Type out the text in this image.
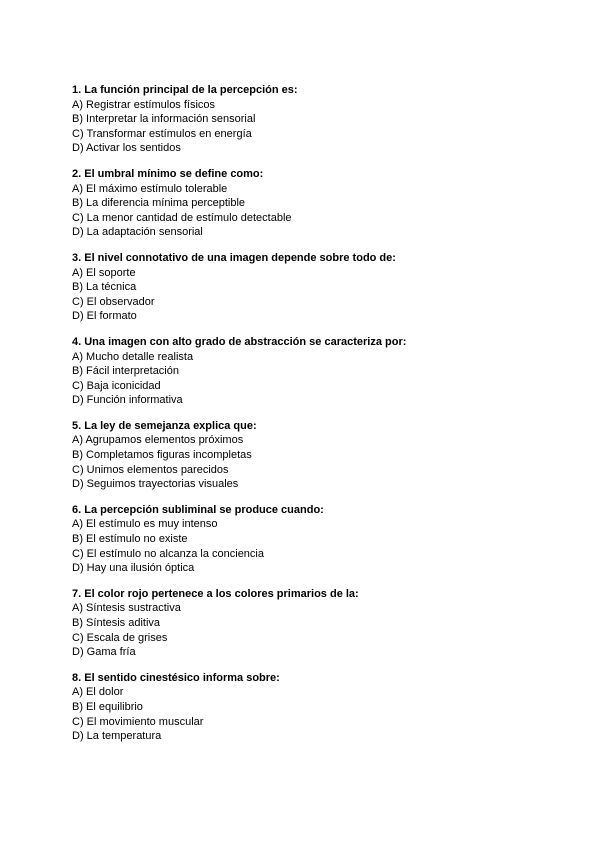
1. La función principal de la percepción es:
A) Registrar estímulos físicos
B) Interpretar la información sensorial
C) Transformar estímulos en energía
D) Activar los sentidos
2. El umbral mínimo se define como:
A) El máximo estímulo tolerable
B) La diferencia mínima perceptible
C) La menor cantidad de estímulo detectable
D) La adaptación sensorial
3. El nivel connotativo de una imagen depende sobre todo de:
A) El soporte
B) La técnica
C) El observador
D) El formato
4. Una imagen con alto grado de abstracción se caracteriza por:
A) Mucho detalle realista
B) Fácil interpretación
C) Baja iconicidad
D) Función informativa
5. La ley de semejanza explica que:
A) Agrupamos elementos próximos
B) Completamos figuras incompletas
C) Unimos elementos parecidos
D) Seguimos trayectorias visuales
6. La percepción subliminal se produce cuando:
A) El estímulo es muy intenso
B) El estímulo no existe
C) El estímulo no alcanza la conciencia
D) Hay una ilusión óptica
7. El color rojo pertenece a los colores primarios de la:
A) Síntesis sustractiva
B) Síntesis aditiva
C) Escala de grises
D) Gama fría
8. El sentido cinestésico informa sobre:
A) El dolor
B) El equilibrio
C) El movimiento muscular
D) La temperatura
